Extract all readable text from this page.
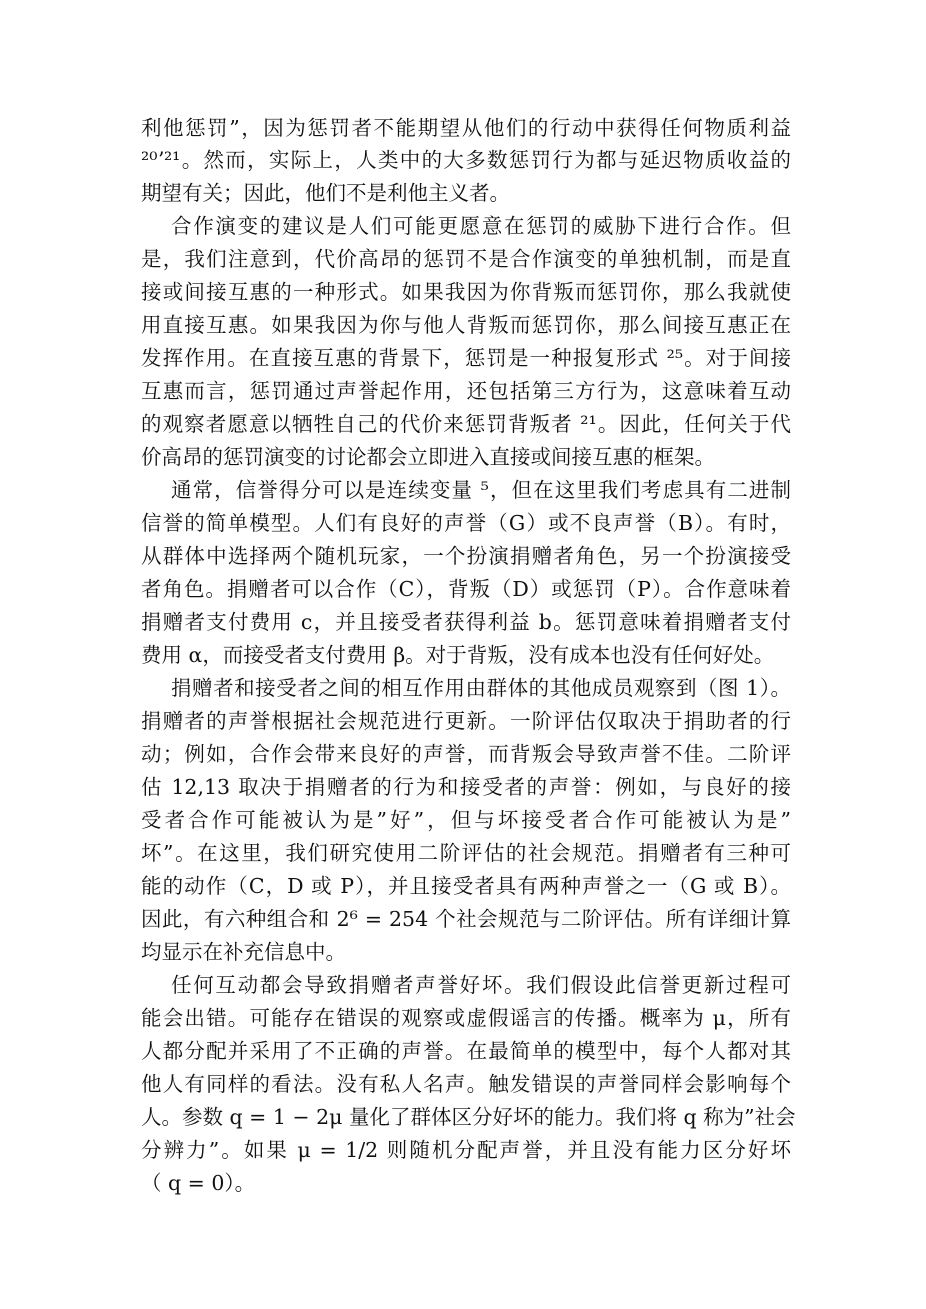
利他惩罚”，因为惩罚者不能期望从他们的行动中获得任何物质利益
²⁰ʼ²¹。然而，实际上，人类中的大多数惩罚行为都与延迟物质收益的
期望有关；因此，他们不是利他主义者。
合作演变的建议是人们可能更愿意在惩罚的威胁下进行合作。但
是，我们注意到，代价高昂的惩罚不是合作演变的单独机制，而是直
接或间接互惠的一种形式。如果我因为你背叛而惩罚你，那么我就使
用直接互惠。如果我因为你与他人背叛而惩罚你，那么间接互惠正在
发挥作用。在直接互惠的背景下，惩罚是一种报复形式 ²⁵。对于间接
互惠而言，惩罚通过声誉起作用，还包括第三方行为，这意味着互动
的观察者愿意以牺牲自己的代价来惩罚背叛者 ²¹。因此，任何关于代
价高昂的惩罚演变的讨论都会立即进入直接或间接互惠的框架。
通常，信誉得分可以是连续变量 ⁵，但在这里我们考虑具有二进制
信誉的简单模型。人们有良好的声誉（G）或不良声誉（B）。有时，
从群体中选择两个随机玩家，一个扮演捐赠者角色，另一个扮演接受
者角色。捐赠者可以合作（C），背叛（D）或惩罚（P）。合作意味着
捐赠者支付费用 c，并且接受者获得利益 b。惩罚意味着捐赠者支付
费用 α，而接受者支付费用 β。对于背叛，没有成本也没有任何好处。
捐赠者和接受者之间的相互作用由群体的其他成员观察到（图 1）。
捐赠者的声誉根据社会规范进行更新。一阶评估仅取决于捐助者的行
动；例如，合作会带来良好的声誉，而背叛会导致声誉不佳。二阶评
估 12,13 取决于捐赠者的行为和接受者的声誉：例如，与良好的接
受者合作可能被认为是”好”，但与坏接受者合作可能被认为是”
坏”。在这里，我们研究使用二阶评估的社会规范。捐赠者有三种可
能的动作（C，D 或 P），并且接受者具有两种声誉之一（G 或 B）。
因此，有六种组合和 2⁶ = 254 个社会规范与二阶评估。所有详细计算
均显示在补充信息中。
任何互动都会导致捐赠者声誉好坏。我们假设此信誉更新过程可
能会出错。可能存在错误的观察或虚假谣言的传播。概率为 μ，所有
人都分配并采用了不正确的声誉。在最简单的模型中，每个人都对其
他人有同样的看法。没有私人名声。触发错误的声誉同样会影响每个
人。参数 q = 1 − 2μ 量化了群体区分好坏的能力。我们将 q 称为”社会
分辨力”。如果 μ = 1/2 则随机分配声誉，并且没有能力区分好坏
（ q = 0）。
